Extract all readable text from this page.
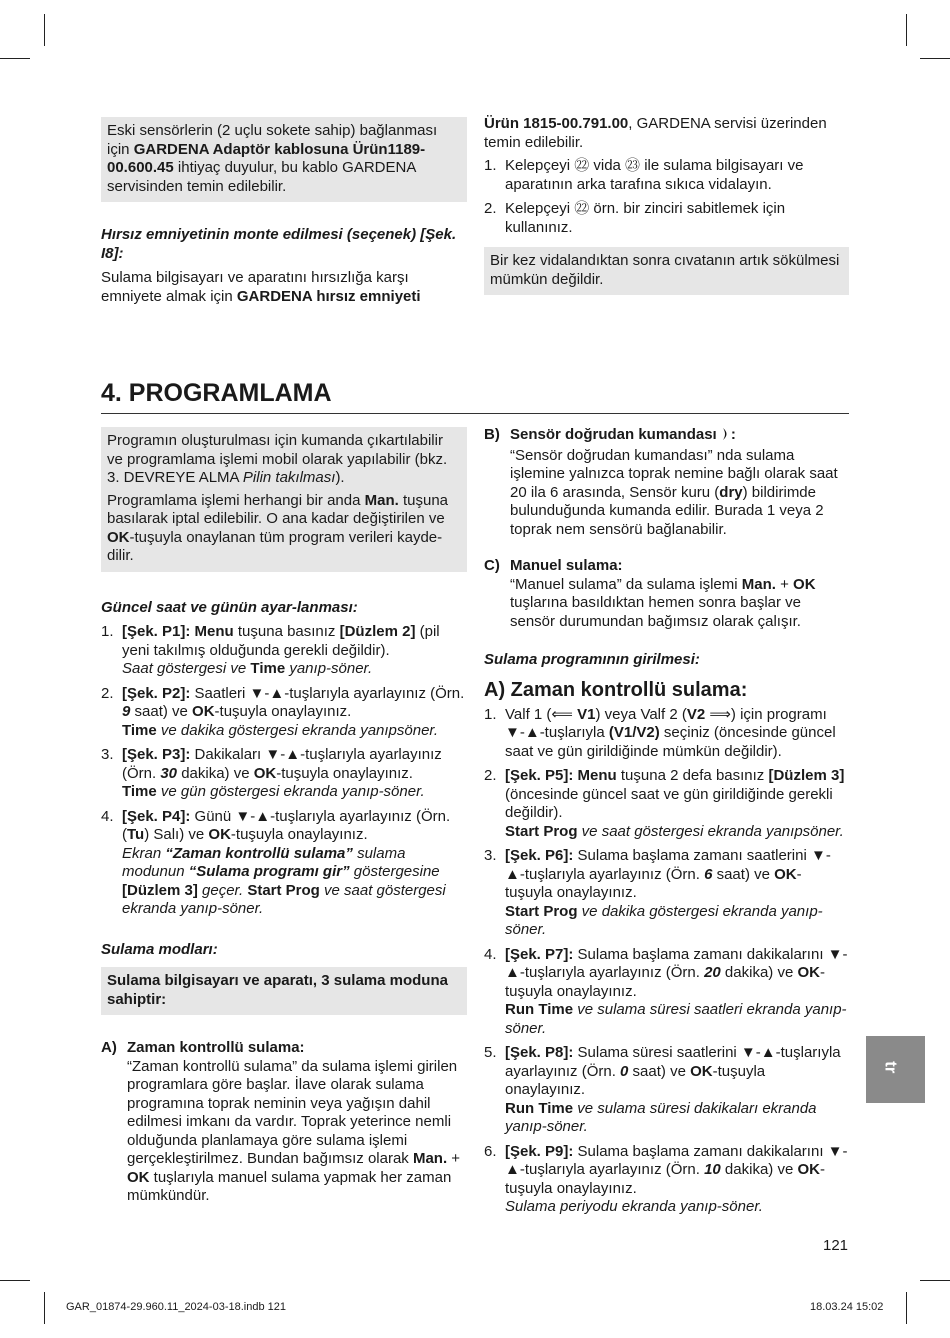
Eski sensörlerin (2 uçlu sokete sahip) bağlanması için GARDENA Adaptör kablosuna Ürün1189-00.600.45 ihtiyaç duyulur, bu kablo GARDENA servisinden temin edilebilir.

Hırsız emniyetinin monte edilmesi (seçenek) [Şek. I8]:
Sulama bilgisayarı ve aparatını hırsızlığa karşı emniyete almak için GARDENA hırsız emniyeti
Ürün 1815-00.791.00, GARDENA servisi üzerinden temin edilebilir.
1. Kelepçeyi ㉒ vida ㉓ ile sulama bilgisayarı ve aparatının arka tarafına sıkıca vidalayın.
2. Kelepçeyi ㉒ örn. bir zinciri sabitlemek için kullanınız.

Bir kez vidalandıktan sonra cıvatanın artık sökülmesi mümkün değildir.

4. PROGRAMLAMA

Programın oluşturulması için kumanda çıkartılabilir ve programlama işlemi mobil olarak yapılabilir (bkz. 3. DEVREYE ALMA Pilin takılması).

Programlama işlemi herhangi bir anda Man. tuşuna basılarak iptal edilebilir. O ana kadar değiştirilen ve OK-tuşuyla onaylanan tüm program verileri kaydedilir.

Güncel saat ve günün ayar-lanması:
1. [Şek. P1]: Menu tuşuna basınız [Düzlem 2] (pil yeni takılmış olduğunda gerekli değildir).
Saat göstergesi ve Time yanıp-söner.
2. [Şek. P2]: Saatleri ▼-▲-tuşlarıyla ayarlayınız (Örn. 9 saat) ve OK-tuşuyla onaylayınız.
Time ve dakika göstergesi ekranda yanıpsöner.
3. [Şek. P3]: Dakikaları ▼-▲-tuşlarıyla ayarlayınız (Örn. 30 dakika) ve OK-tuşuyla onaylayınız.
Time ve gün göstergesi ekranda yanıp-söner.
4. [Şek. P4]: Günü ▼-▲-tuşlarıyla ayarlayınız (Örn. (Tu) Salı) ve OK-tuşuyla onaylayınız.
Ekran “Zaman kontrollü sulama” sulama modunun “Sulama programı gir” göstergesine [Düzlem 3] geçer. Start Prog ve saat göstergesi ekranda yanıp-söner.
Sulama modları:

Sulama bilgisayarı ve aparatı, 3 sulama moduna sahiptir:

A) Zaman kontrollü sulama:
“Zaman kontrollü sulama” da sulama işlemi girilen programlara göre başlar. İlave olarak sulama programına toprak neminin veya yağışın dahil edilmesi imkanı da vardır. Toprak yeterince nemli olduğunda planlamaya göre sulama işlemi gerçekleştirilmez. Bundan bağımsız olarak Man. + OK tuşlarıyla manuel sulama yapmak her zaman mümkündür.
B) Sensör doğrudan kumandası :
“Sensör doğrudan kumandası” nda sulama işlemine yalnızca toprak nemine bağlı olarak saat 20 ila 6 arasında, Sensör kuru (dry) bildirimde bulunduğunda kumanda edilir. Burada 1 veya 2 toprak nem sensörü bağlanabilir.
C) Manuel sulama:
“Manuel sulama” da sulama işlemi Man. + OK tuşlarına basıldıktan hemen sonra başlar ve sensör durumundan bağımsız olarak çalışır.
Sulama programının girilmesi:
A) Zaman kontrollü sulama:
1. Valf 1 (⟸ V1) veya Valf 2 (V2 ⟹) için programı ▼-▲-tuşlarıyla (V1/V2) seçiniz (öncesinde güncel saat ve gün girildiğinde mümkün değildir).
2. [Şek. P5]: Menu tuşuna 2 defa basınız [Düzlem 3] (öncesinde güncel saat ve gün girildiğinde gerekli değildir).
Start Prog ve saat göstergesi ekranda yanıpsöner.
3. [Şek. P6]: Sulama başlama zamanı saatlerini ▼-▲-tuşlarıyla ayarlayınız (Örn. 6 saat) ve OK-tuşuyla onaylayınız.
Start Prog ve dakika göstergesi ekranda yanıp-söner.
4. [Şek. P7]: Sulama başlama zamanı dakikalarını ▼-▲-tuşlarıyla ayarlayınız (Örn. 20 dakika) ve OK-tuşuyla onaylayınız.
Run Time ve sulama süresi saatleri ekranda yanıp-söner.
5. [Şek. P8]: Sulama süresi saatlerini ▼-▲-tuşlarıyla ayarlayınız (Örn. 0 saat) ve OK-tuşuyla onaylayınız.
Run Time ve sulama süresi dakikaları ekranda yanıp-söner.
6. [Şek. P9]: Sulama başlama zamanı dakikalarını ▼-▲-tuşlarıyla ayarlayınız (Örn. 10 dakika) ve OK-tuşuyla onaylayınız.
Sulama periyodu ekranda yanıp-söner.
tr
121
GAR_01874-29.960.11_2024-03-18.indb 121	18.03.24 15:02
